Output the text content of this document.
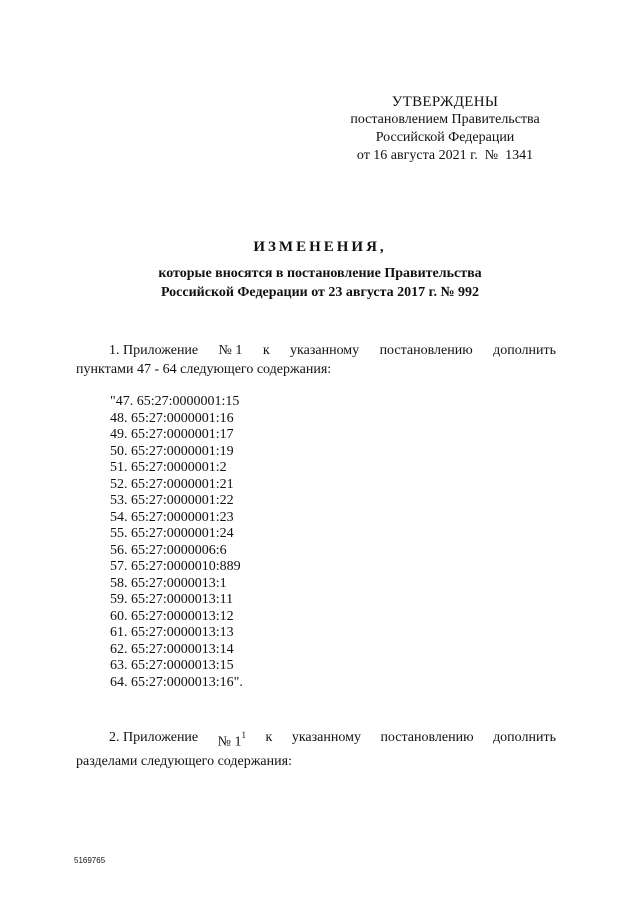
УТВЕРЖДЕНЫ
постановлением Правительства
Российской Федерации
от 16 августа 2021 г.  №  1341
ИЗМЕНЕНИЯ,
которые вносятся в постановление Правительства
Российской Федерации от 23 августа 2017 г. № 992
1. Приложение № 1 к указанному постановлению дополнить
пунктами 47 - 64 следующего содержания:
"47. 65:27:0000001:15
48. 65:27:0000001:16
49. 65:27:0000001:17
50. 65:27:0000001:19
51. 65:27:0000001:2
52. 65:27:0000001:21
53. 65:27:0000001:22
54. 65:27:0000001:23
55. 65:27:0000001:24
56. 65:27:0000006:6
57. 65:27:0000010:889
58. 65:27:0000013:1
59. 65:27:0000013:11
60. 65:27:0000013:12
61. 65:27:0000013:13
62. 65:27:0000013:14
63. 65:27:0000013:15
64. 65:27:0000013:16".
2. Приложение № $1^1$ к указанному постановлению дополнить
разделами следующего содержания:
5169765
